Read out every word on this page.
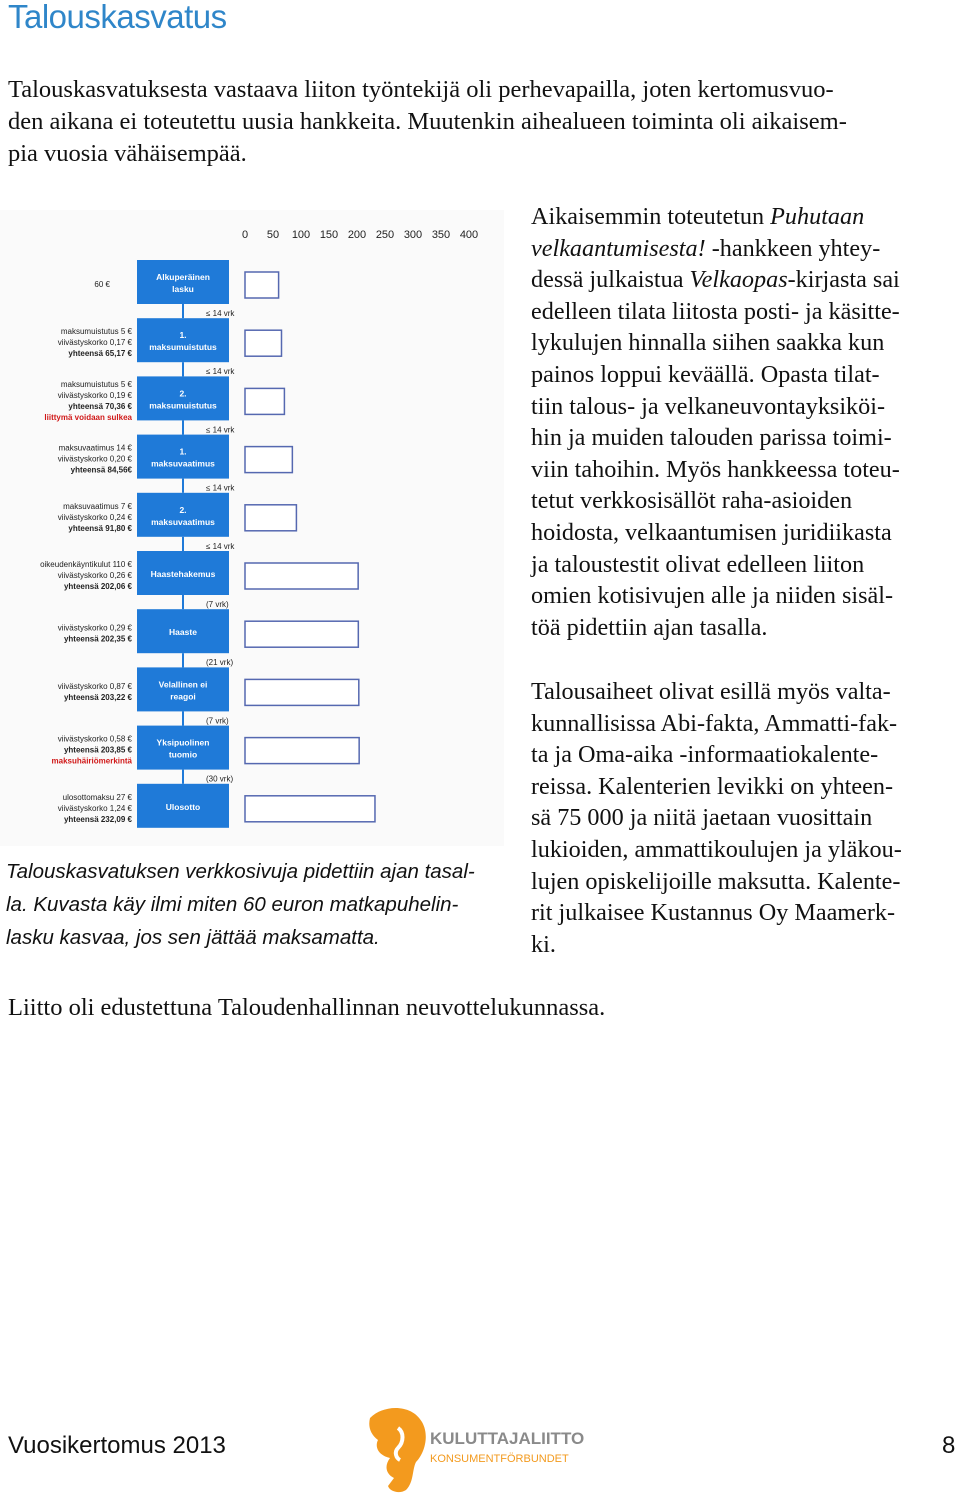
Talouskasvatus
Talouskasvatuksesta vastaava liiton työntekijä oli perhevapailla, joten kertomusvuo-
den aikana ei toteutettu uusia hankkeita. Muutenkin aihealueen toiminta oli aikaisem-
pia vuosia vähäisempää.
0 50 100 150 200 250 300 350 400
Alkuperäinen
lasku
60 €
≤ 14 vrk
1.
maksumuistutus
maksumuistutus 5 €
viivästyskorko 0,17 €
yhteensä 65,17 €
≤ 14 vrk
2.
maksumuistutus
maksumuistutus 5 €
viivästyskorko 0,19 €
yhteensä 70,36 €
liittymä voidaan sulkea
≤ 14 vrk
1.
maksuvaatimus
maksuvaatimus 14 €
viivästyskorko 0,20 €
yhteensä 84,56€
≤ 14 vrk
2.
maksuvaatimus
maksuvaatimus 7 €
viivästyskorko 0,24 €
yhteensä 91,80 €
≤ 14 vrk
Haastehakemus
oikeudenkäyntikulut 110 €
viivästyskorko 0,26 €
yhteensä 202,06 €
(7 vrk)
Haaste
viivästyskorko 0,29 €
yhteensä 202,35 €
(21 vrk)
Velallinen ei
reagoi
viivästyskorko 0,87 €
yhteensä 203,22 €
(7 vrk)
Yksipuolinen
tuomio
viivästyskorko 0,58 €
yhteensä 203,85 €
maksuhäiriömerkintä
(30 vrk)
Ulosotto
ulosottomaksu 27 €
viivästyskorko 1,24 €
yhteensä 232,09 €
Talouskasvatuksen verkkosivuja pidettiin ajan tasal-
la. Kuvasta käy ilmi miten 60 euron matkapuhelin-
lasku kasvaa, jos sen jättää maksamatta.
Aikaisemmin toteutetun Puhutaan
velkaantumisesta! -hankkeen yhtey-
dessä julkaistua Velkaopas-kirjasta sai
edelleen tilata liitosta posti- ja käsitte-
lykulujen hinnalla siihen saakka kun
painos loppui keväällä. Opasta tilat-
tiin talous- ja velkaneuvontayksiköi-
hin ja muiden talouden parissa toimi-
viin tahoihin. Myös hankkeessa toteu-
tetut verkkosisällöt raha-asioiden
hoidosta, velkaantumisen juridiikasta
ja taloustestit olivat edelleen liiton
omien kotisivujen alle ja niiden sisäl-
töä pidettiin ajan tasalla.
Talousaiheet olivat esillä myös valta-
kunnallisissa Abi-fakta, Ammatti-fak-
ta ja Oma-aika -informaatiokalente-
reissa. Kalenterien levikki on yhteen-
sä 75 000 ja niitä jaetaan vuosittain
lukioiden, ammattikoulujen ja yläkou-
lujen opiskelijoille maksutta. Kalente-
rit julkaisee Kustannus Oy Maamerk-
ki.
Liitto oli edustettuna Taloudenhallinnan neuvottelukunnassa.
Vuosikertomus 2013	8
KULUTTAJALIITTO
KONSUMENTFÖRBUNDET
